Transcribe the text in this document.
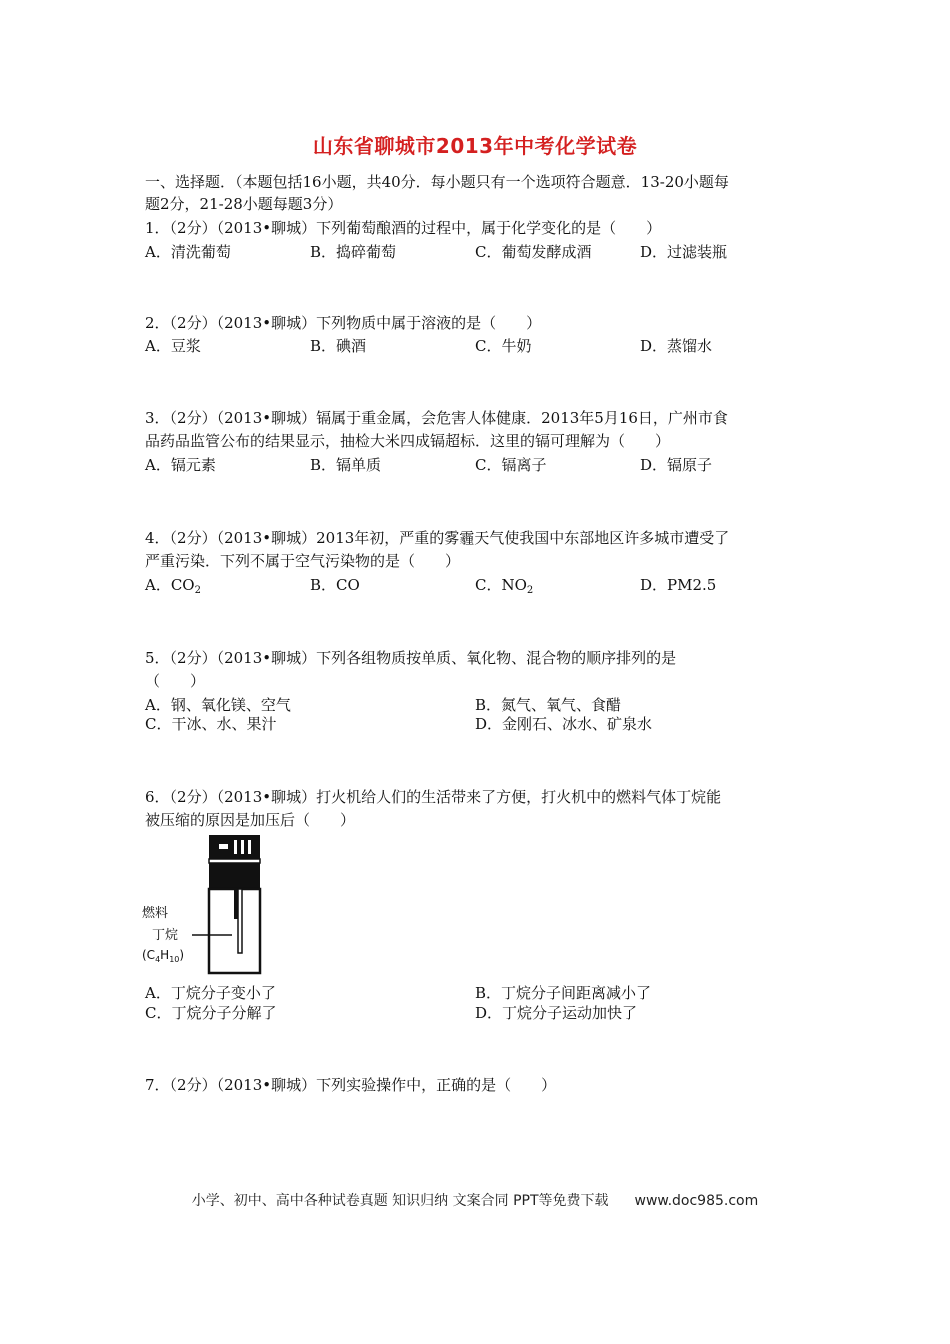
山东省聊城市2013年中考化学试卷
一、选择题．（本题包括16小题，共40分．每小题只有一个选项符合题意．13-20小题每
题2分，21-28小题每题3分）
1．（2分）（2013•聊城）下列葡萄酿酒的过程中，属于化学变化的是（　　）
A．清洗葡萄	B．捣碎葡萄	C．葡萄发酵成酒	D．过滤装瓶
2．（2分）（2013•聊城）下列物质中属于溶液的是（　　）
A．豆浆	B．碘酒	C．牛奶	D．蒸馏水
3．（2分）（2013•聊城）镉属于重金属，会危害人体健康．2013年5月16日，广州市食
品药品监管公布的结果显示，抽检大米四成镉超标．这里的镉可理解为（　　）
A．镉元素	B．镉单质	C．镉离子	D．镉原子
4．（2分）（2013•聊城）2013年初，严重的雾霾天气使我国中东部地区许多城市遭受了
严重污染．下列不属于空气污染物的是（　　）
A．$CO_2$	B．CO	C．$NO_2$	D．PM2.5
5．（2分）（2013•聊城）下列各组物质按单质、氧化物、混合物的顺序排列的是
（　　）
A．钢、氧化镁、空气	B．氮气、氧气、食醋
C．干冰、水、果汁	D．金刚石、冰水、矿泉水
6．（2分）（2013•聊城）打火机给人们的生活带来了方便，打火机中的燃料气体丁烷能
被压缩的原因是加压后（　　）
燃料
丁烷
$(C_4H_{10})$
A．丁烷分子变小了	B．丁烷分子间距离减小了
C．丁烷分子分解了	D．丁烷分子运动加快了
7．（2分）（2013•聊城）下列实验操作中，正确的是（　　）
小学、初中、高中各种试卷真题 知识归纳 文案合同 PPT等免费下载 www.doc985.com
